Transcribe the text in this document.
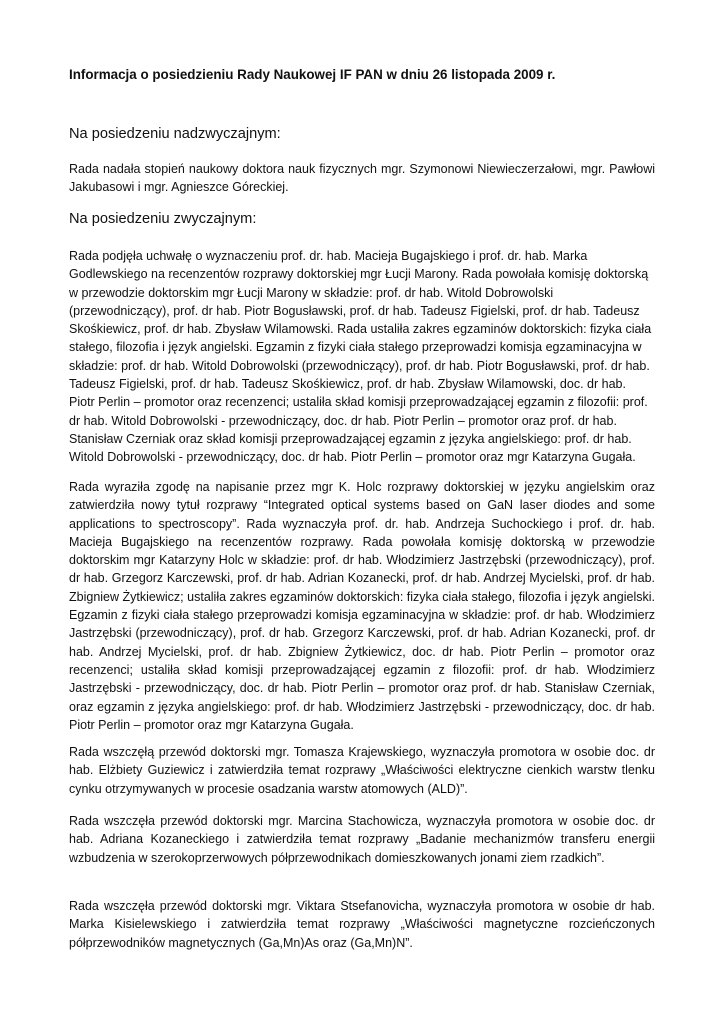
Informacja o posiedzieniu Rady Naukowej IF PAN w dniu 26 listopada 2009 r.
Na posiedzeniu nadzwyczajnym:

Rada nadała stopień naukowy doktora nauk fizycznych mgr. Szymonowi Niewieczerzałowi, mgr. Pawłowi Jakubasowi i mgr. Agnieszce Góreckiej.

Na posiedzeniu zwyczajnym:

Rada podjęła uchwałę o wyznaczeniu prof. dr. hab. Macieja Bugajskiego i prof. dr. hab. Marka Godlewskiego na recenzentów rozprawy doktorskiej mgr Łucji Marony. Rada powołała komisję doktorską w przewodzie doktorskim mgr Łucji Marony w składzie: prof. dr hab. Witold Dobrowolski (przewodniczący), prof. dr hab. Piotr Bogusławski, prof. dr hab. Tadeusz Figielski, prof. dr hab. Tadeusz Skośkiewicz, prof. dr hab. Zbysław Wilamowski. Rada ustaliła zakres egzaminów doktorskich: fizyka ciała stałego, filozofia i język angielski. Egzamin z fizyki ciała stałego przeprowadzi komisja egzaminacyjna w składzie: prof. dr hab. Witold Dobrowolski (przewodniczący), prof. dr hab. Piotr Bogusławski, prof. dr hab. Tadeusz Figielski, prof. dr hab. Tadeusz Skośkiewicz, prof. dr hab. Zbysław Wilamowski, doc. dr hab. Piotr Perlin – promotor oraz recenzenci; ustaliła skład komisji przeprowadzającej egzamin z filozofii: prof. dr hab. Witold Dobrowolski - przewodniczący, doc. dr hab. Piotr Perlin – promotor oraz prof. dr hab. Stanisław Czerniak oraz skład komisji przeprowadzającej egzamin z języka angielskiego: prof. dr hab. Witold Dobrowolski - przewodniczący, doc. dr hab. Piotr Perlin – promotor oraz mgr Katarzyna Gugała.

Rada wyraziła zgodę na napisanie przez mgr K. Holc rozprawy doktorskiej w języku angielskim oraz zatwierdziła nowy tytuł rozprawy “Integrated optical systems based on GaN laser diodes and some applications to spectroscopy”. Rada wyznaczyła prof. dr. hab. Andrzeja Suchockiego i prof. dr. hab. Macieja Bugajskiego na recenzentów rozprawy. Rada powołała komisję doktorską w przewodzie doktorskim mgr Katarzyny Holc w składzie: prof. dr hab. Włodzimierz Jastrzębski (przewodniczący), prof. dr hab. Grzegorz Karczewski, prof. dr hab. Adrian Kozanecki, prof. dr hab. Andrzej Mycielski, prof. dr hab. Zbigniew Żytkiewicz; ustaliła zakres egzaminów doktorskich: fizyka ciała stałego, filozofia i język angielski. Egzamin z fizyki ciała stałego przeprowadzi komisja egzaminacyjna w składzie: prof. dr hab. Włodzimierz Jastrzębski (przewodniczący), prof. dr hab. Grzegorz Karczewski, prof. dr hab. Adrian Kozanecki, prof. dr hab. Andrzej Mycielski, prof. dr hab. Zbigniew Żytkiewicz, doc. dr hab. Piotr Perlin – promotor oraz recenzenci; ustaliła skład komisji przeprowadzającej egzamin z filozofii: prof. dr hab. Włodzimierz Jastrzębski - przewodniczący, doc. dr hab. Piotr Perlin – promotor oraz prof. dr hab. Stanisław Czerniak, oraz egzamin z języka angielskiego: prof. dr hab. Włodzimierz Jastrzębski - przewodniczący, doc. dr hab. Piotr Perlin – promotor oraz mgr Katarzyna Gugała.

Rada wszczęłą przewód doktorski mgr. Tomasza Krajewskiego, wyznaczyła promotora w osobie doc. dr hab. Elżbiety Guziewicz i zatwierdziła temat rozprawy „Właściwości elektryczne cienkich warstw tlenku cynku otrzymywanych w procesie osadzania warstw atomowych (ALD)”.

Rada wszczęła przewód doktorski mgr. Marcina Stachowicza, wyznaczyła promotora w osobie doc. dr hab. Adriana Kozaneckiego i zatwierdziła temat rozprawy „Badanie mechanizmów transferu energii wzbudzenia w szerokoprzerwowych półprzewodnikach domieszkowanych jonami ziem rzadkich”.

Rada wszczęła przewód doktorski mgr. Viktara Stsefanovicha, wyznaczyła promotora w osobie dr hab. Marka Kisielewskiego i zatwierdziła temat rozprawy „Właściwości magnetyczne rozcieńczonych półprzewodników magnetycznych (Ga,Mn)As oraz (Ga,Mn)N”.
